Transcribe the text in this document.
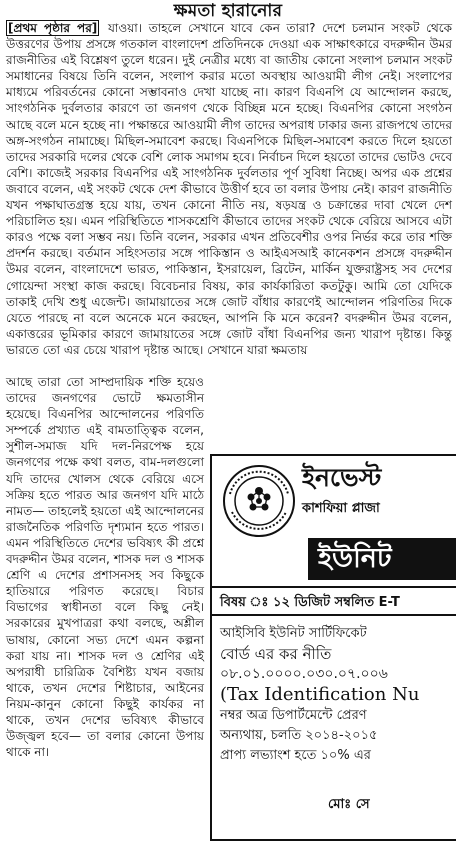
ক্ষমতা হারানোর

[প্রথম পৃষ্ঠার পর] যাওয়া। তাহলে সেখানে যাবে কেন তারা? দেশে চলমান সংকট থেকে উত্তরণের উপায় প্রসঙ্গে গতকাল বাংলাদেশ প্রতিদিনকে দেওয়া এক সাক্ষাৎকারে বদরুদ্দীন উমর রাজনীতির এই বিশ্লেষণ তুলে ধরেন। দুই নেত্রীর মধ্যে বা জাতীয় কোনো সংলাপ চলমান সংকট সমাধানের বিষয়ে তিনি বলেন, সংলাপ করার মতো অবস্থায় আওয়ামী লীগ নেই। সংলাপের মাধ্যমে পরিবর্তনের কোনো সম্ভাবনাও দেখা যাচ্ছে না। কারণ বিএনপি যে আন্দোলন করছে, সাংগঠনিক দুর্বলতার কারণে তা জনগণ থেকে বিচ্ছিন্ন মনে হচ্ছে। বিএনপির কোনো সংগঠন আছে বলে মনে হচ্ছে না। পক্ষান্তরে আওয়ামী লীগ তাদের অপরাধ ঢাকার জন্য রাজপথে তাদের অঙ্গ-সংগঠন নামাচ্ছে। মিছিল-সমাবেশ করছে। বিএনপিকে মিছিল-সমাবেশ করতে দিলে হয়তো তাদের সরকারি দলের থেকে বেশি লোক সমাগম হবে। নির্বাচন দিলে হয়তো তাদের ভোটও দেবে বেশি। কাজেই সরকার বিএনপির এই সাংগঠনিক দুর্বলতার পূর্ণ সুবিধা নিচ্ছে। অপর এক প্রশ্নের জবাবে বলেন, এই সংকট থেকে দেশ কীভাবে উত্তীর্ণ হবে তা বলার উপায় নেই। কারণ রাজনীতি যখন পক্ষাঘাতগ্রস্ত হয়ে যায়, তখন কোনো নীতি নয়, ষড়যন্ত্র ও চক্রান্তের দাবা খেলে দেশ পরিচালিত হয়। এমন পরিস্থিতিতে শাসকশ্রেণি কীভাবে তাদের সংকট থেকে বেরিয়ে আসবে এটা কারও পক্ষে বলা সম্ভব নয়। তিনি বলেন, সরকার এখন প্রতিবেশীর ওপর নির্ভর করে তার শক্তি প্রদর্শন করছে। বর্তমান সহিংসতার সঙ্গে পাকিস্তান ও আইএসআই কানেকশন প্রসঙ্গে বদরুদ্দীন উমর বলেন, বাংলাদেশে ভারত, পাকিস্তান, ইসরায়েল, ব্রিটেন, মার্কিন যুক্তরাষ্ট্রসহ সব দেশের গোয়েন্দা সংস্থা কাজ করছে। বিবেচনার বিষয়, কার কার্যকারিতা কতটুকু। আমি তো যেদিকে তাকাই দেখি শুধু এজেন্ট। জামায়াতের সঙ্গে জোট বাঁধার কারণেই আন্দোলন পরিণতির দিকে যেতে পারছে না বলে অনেকে মনে করছেন, আপনি কি মনে করেন? বদরুদ্দীন উমর বলেন, একাত্তরের ভূমিকার কারণে জামায়াতের সঙ্গে জোট বাঁধা বিএনপির জন্য খারাপ দৃষ্টান্ত। কিন্তু ভারতে তো এর চেয়ে খারাপ দৃষ্টান্ত আছে। সেখানে যারা ক্ষমতায়

আছে তারা তো সাম্প্রদায়িক শক্তি হয়েও তাদের জনগণের ভোটে ক্ষমতাসীন হয়েছে। বিএনপির আন্দোলনের পরিণতি সম্পর্কে প্রখ্যাত এই বামতাত্ত্বিক বলেন, সুশীল-সমাজ যদি দল-নিরপেক্ষ হয়ে জনগণের পক্ষে কথা বলত, বাম-দলগুলো যদি তাদের খোলস থেকে বেরিয়ে এসে সক্রিয় হতে পারত আর জনগণ যদি মাঠে নামত— তাহলেই হয়তো এই আন্দোলনের রাজনৈতিক পরিণতি দৃশ্যমান হতে পারত। এমন পরিস্থিতিতে দেশের ভবিষ্যৎ কী প্রশ্নে বদরুদ্দীন উমর বলেন, শাসক দল ও শাসক শ্রেণি এ দেশের প্রশাসনসহ সব কিছুকে হাতিয়ারে পরিণত করেছে। বিচার বিভাগের স্বাধীনতা বলে কিছু নেই। সরকারের মুখপাত্ররা কথা বলছে, অশ্লীল ভাষায়, কোনো সভ্য দেশে এমন কল্পনা করা যায় না। শাসক দল ও শ্রেণির এই অপরাধী চারিত্রিক বৈশিষ্ট্য যখন বজায় থাকে, তখন দেশের শিষ্টাচার, আইনের নিয়ম-কানুন কোনো কিছুই কার্যকর না থাকে, তখন দেশের ভবিষ্যৎ কীভাবে উজ্জ্বল হবে— তা বলার কোনো উপায় থাকে না।

ইনভেস্ট
কাশফিয়া প্লাজা
ইউনিট
বিষয় ঃ ১২ ডিজিট সম্বলিত E-T
আইসিবি ইউনিট সার্টিফিকেট
বোর্ড এর কর নীতি
০৮.০১.০০০০.০৩০.০৭.০০৬
(Tax Identification Nu
নম্বর অত্র ডিপার্টমেন্টে প্রেরণ
অন্যথায়, চলতি ২০১৪-২০১৫
প্রাপ্য লভ্যাংশ হতে ১০% এর
মোঃ সে
